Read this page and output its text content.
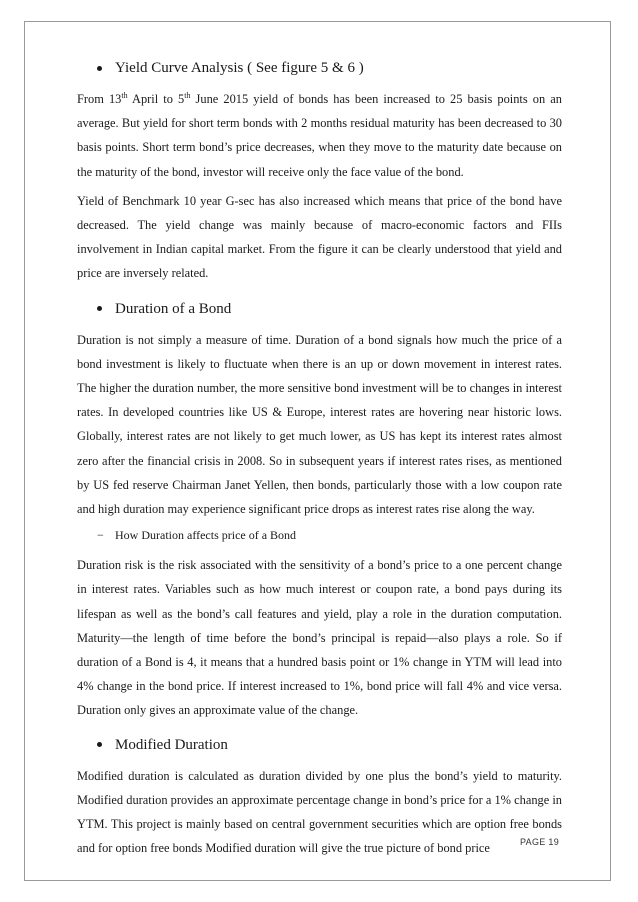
Yield Curve Analysis ( See figure 5 & 6 )

From 13th April to 5th June 2015 yield of bonds has been increased to 25 basis points on an average. But yield for short term bonds with 2 months residual maturity has been decreased to 30 basis points. Short term bond’s price decreases, when they move to the maturity date because on the maturity of the bond, investor will receive only the face value of the bond.

Yield of Benchmark 10 year G-sec has also increased which means that price of the bond have decreased. The yield change was mainly because of macro-economic factors and FIIs involvement in Indian capital market. From the figure it can be clearly understood that yield and price are inversely related.

Duration of a Bond

Duration is not simply a measure of time. Duration of a bond signals how much the price of a bond investment is likely to fluctuate when there is an up or down movement in interest rates. The higher the duration number, the more sensitive bond investment will be to changes in interest rates. In developed countries like US & Europe, interest rates are hovering near historic lows. Globally, interest rates are not likely to get much lower, as US has kept its interest rates almost zero after the financial crisis in 2008. So in subsequent years if interest rates rises, as mentioned by US fed reserve Chairman Janet Yellen, then bonds, particularly those with a low coupon rate and high duration may experience significant price drops as interest rates rise along the way.

− How Duration affects price of a Bond

Duration risk is the risk associated with the sensitivity of a bond’s price to a one percent change in interest rates. Variables such as how much interest or coupon rate, a bond pays during its lifespan as well as the bond’s call features and yield, play a role in the duration computation. Maturity—the length of time before the bond’s principal is repaid—also plays a role. So if duration of a Bond is 4, it means that a hundred basis point or 1% change in YTM will lead into 4% change in the bond price. If interest increased to 1%, bond price will fall 4% and vice versa. Duration only gives an approximate value of the change.

Modified Duration

Modified duration is calculated as duration divided by one plus the bond’s yield to maturity. Modified duration provides an approximate percentage change in bond’s price for a 1% change in YTM. This project is mainly based on central government securities which are option free bonds and for option free bonds Modified duration will give the true picture of bond price	PAGE 19
